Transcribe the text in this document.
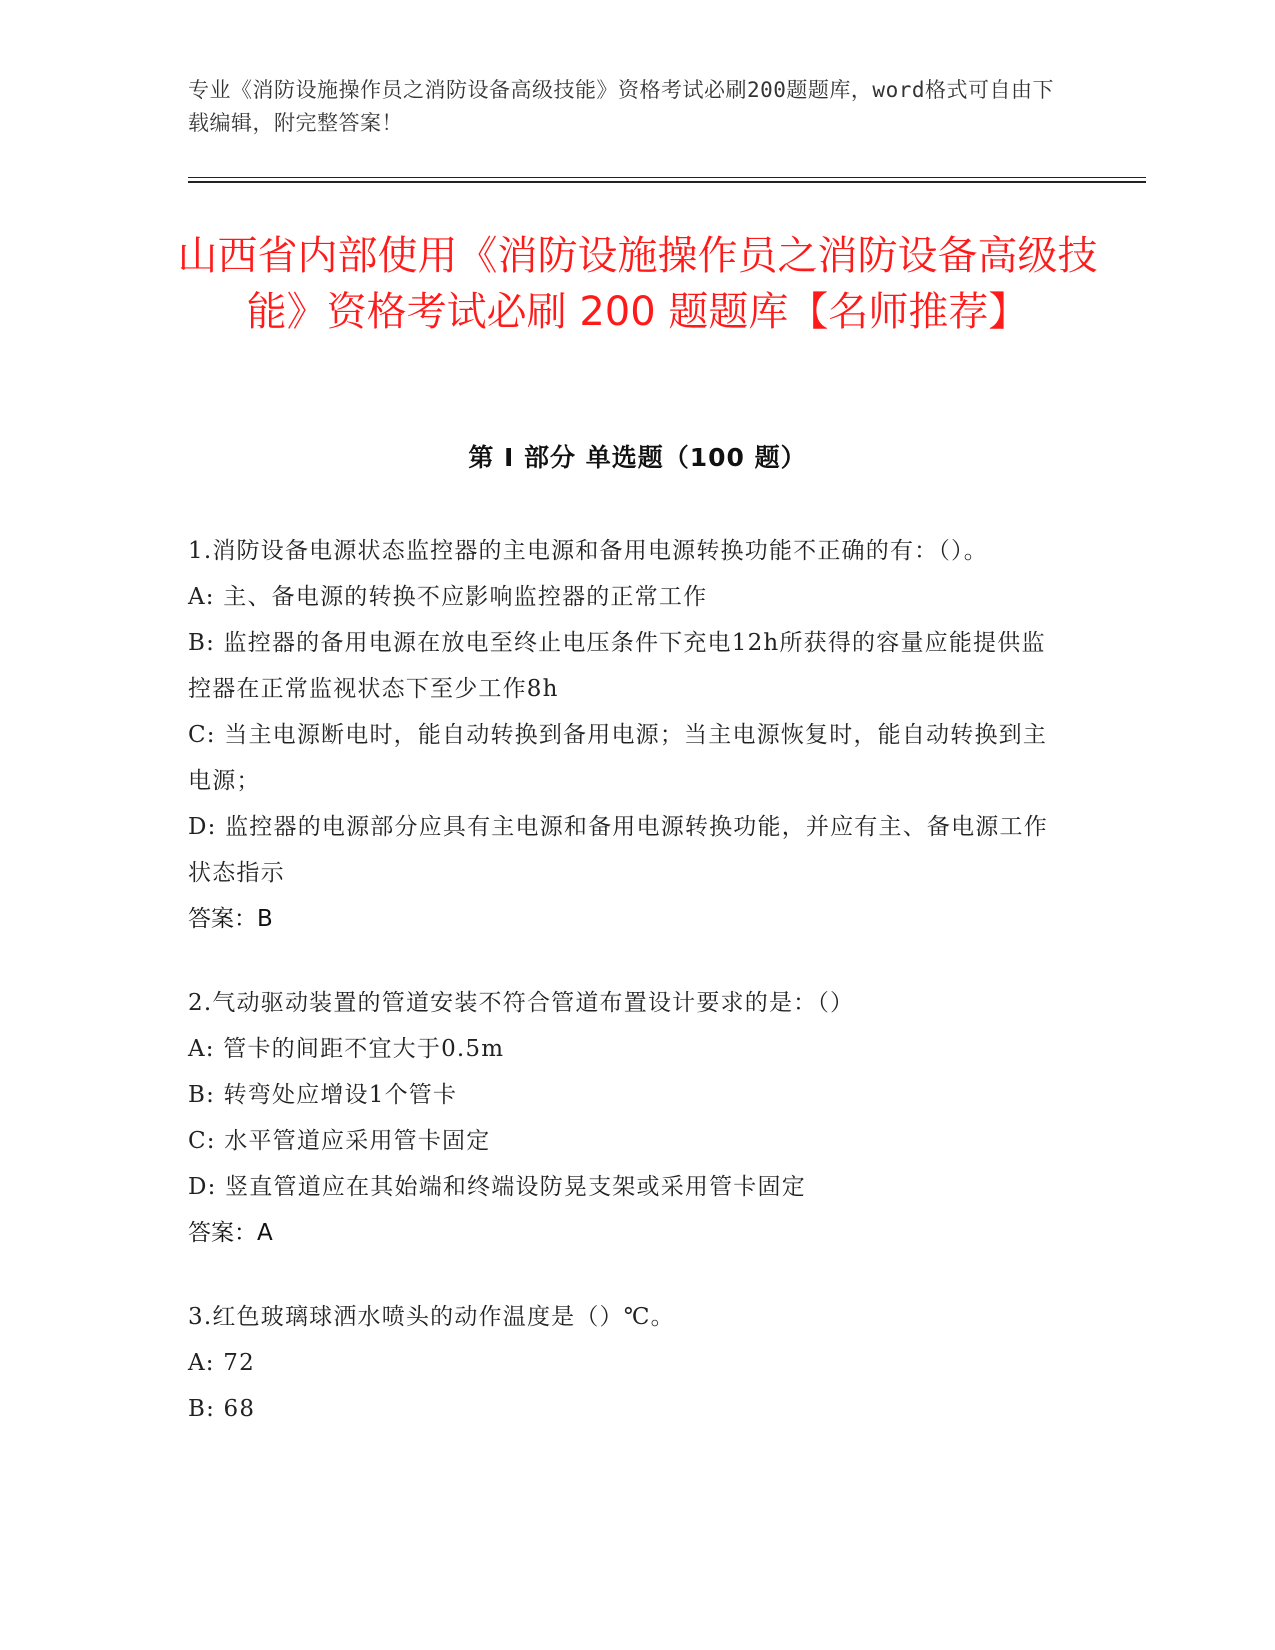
专业《消防设施操作员之消防设备高级技能》资格考试必刷200题题库，word格式可自由下载编辑，附完整答案！
山西省内部使用《消防设施操作员之消防设备高级技能》资格考试必刷 200 题题库【名师推荐】
第 I 部分 单选题（100 题）
1.消防设备电源状态监控器的主电源和备用电源转换功能不正确的有：（）。
A: 主、备电源的转换不应影响监控器的正常工作
B: 监控器的备用电源在放电至终止电压条件下充电12h所获得的容量应能提供监控器在正常监视状态下至少工作8h
C: 当主电源断电时，能自动转换到备用电源；当主电源恢复时，能自动转换到主电源；
D: 监控器的电源部分应具有主电源和备用电源转换功能，并应有主、备电源工作状态指示
答案：B
2.气动驱动装置的管道安装不符合管道布置设计要求的是：（）
A: 管卡的间距不宜大于0.5m
B: 转弯处应增设1个管卡
C: 水平管道应采用管卡固定
D: 竖直管道应在其始端和终端设防晃支架或采用管卡固定
答案：A
3.红色玻璃球洒水喷头的动作温度是（）℃。
A: 72
B: 68
